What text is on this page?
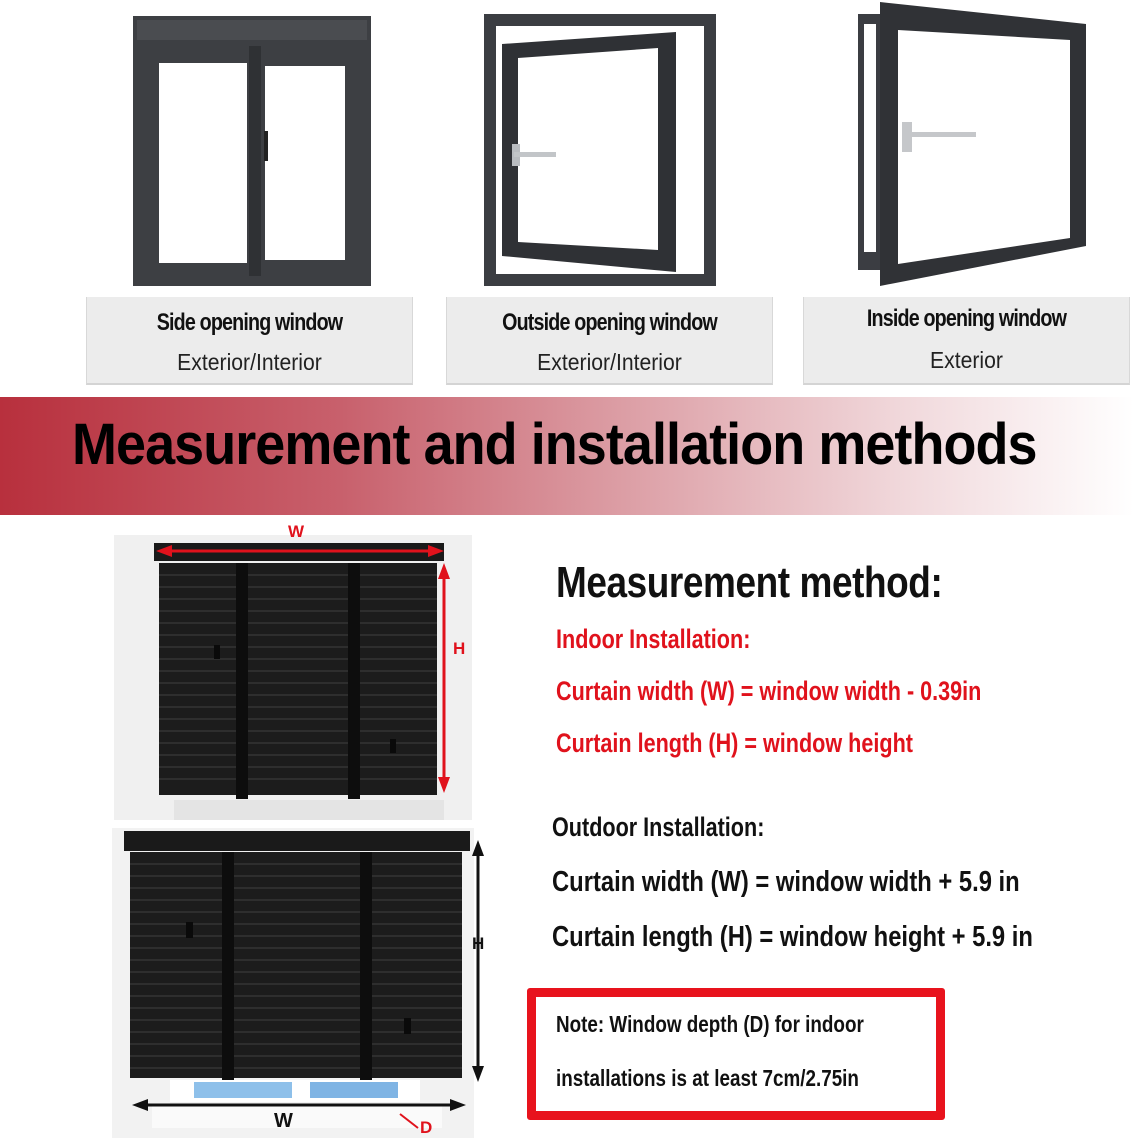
Side opening window
Exterior/Interior
Outside opening window
Exterior/Interior
Inside opening window
Exterior
Measurement and installation methods
W
H
H
W	D
Measurement method:
Indoor Installation:
Curtain width (W) = window width - 0.39in
Curtain length (H) = window height
Outdoor Installation:
Curtain width (W) = window width + 5.9 in
Curtain length (H) = window height + 5.9 in
Note: Window depth (D) for indoor
installations is at least 7cm/2.75in
